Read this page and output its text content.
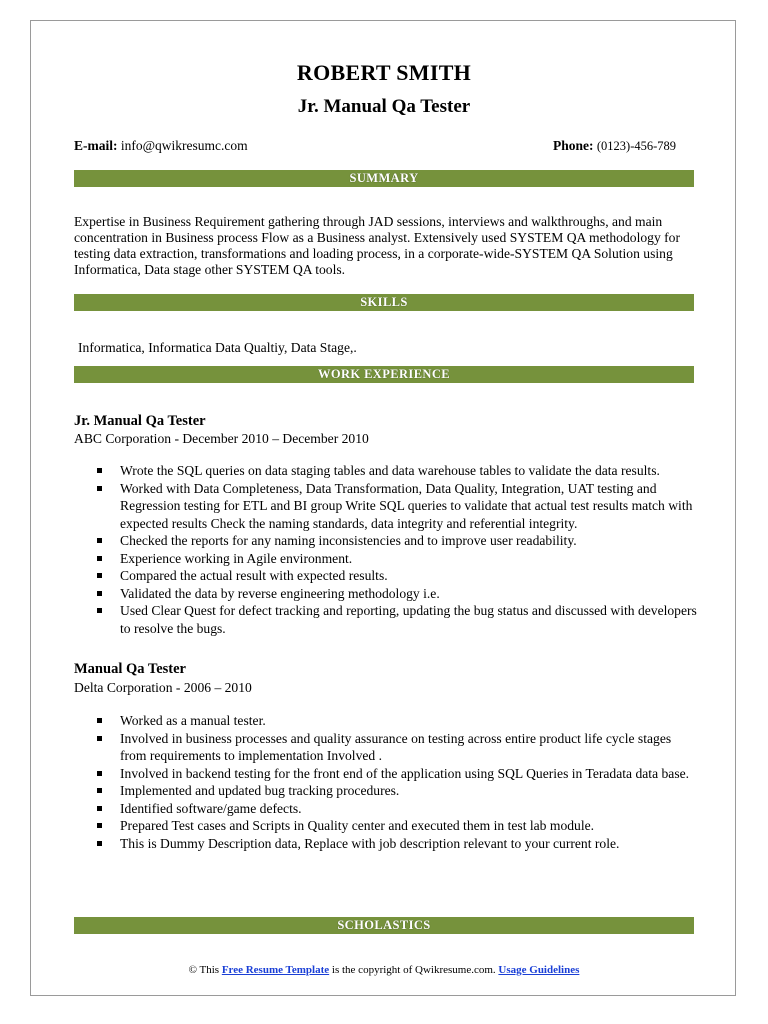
ROBERT SMITH
Jr. Manual Qa Tester
E-mail: info@qwikresumc.com	Phone: (0123)-456-789
SUMMARY
Expertise in Business Requirement gathering through JAD sessions, interviews and walkthroughs, and main concentration in Business process Flow as a Business analyst. Extensively used SYSTEM QA methodology for testing data extraction, transformations and loading process, in a corporate-wide-SYSTEM QA Solution using Informatica, Data stage other SYSTEM QA tools.
SKILLS
Informatica, Informatica Data Qualtiy, Data Stage,.
WORK EXPERIENCE
Jr. Manual Qa Tester
ABC Corporation - December 2010 – December 2010
Wrote the SQL queries on data staging tables and data warehouse tables to validate the data results.
Worked with Data Completeness, Data Transformation, Data Quality, Integration, UAT testing and Regression testing for ETL and BI group Write SQL queries to validate that actual test results match with expected results Check the naming standards, data integrity and referential integrity.
Checked the reports for any naming inconsistencies and to improve user readability.
Experience working in Agile environment.
Compared the actual result with expected results.
Validated the data by reverse engineering methodology i.e.
Used Clear Quest for defect tracking and reporting, updating the bug status and discussed with developers to resolve the bugs.
Manual Qa Tester
Delta Corporation - 2006 – 2010
Worked as a manual tester.
Involved in business processes and quality assurance on testing across entire product life cycle stages from requirements to implementation Involved .
Involved in backend testing for the front end of the application using SQL Queries in Teradata data base.
Implemented and updated bug tracking procedures.
Identified software/game defects.
Prepared Test cases and Scripts in Quality center and executed them in test lab module.
This is Dummy Description data, Replace with job description relevant to your current role.
SCHOLASTICS
© This Free Resume Template is the copyright of Qwikresume.com. Usage Guidelines
